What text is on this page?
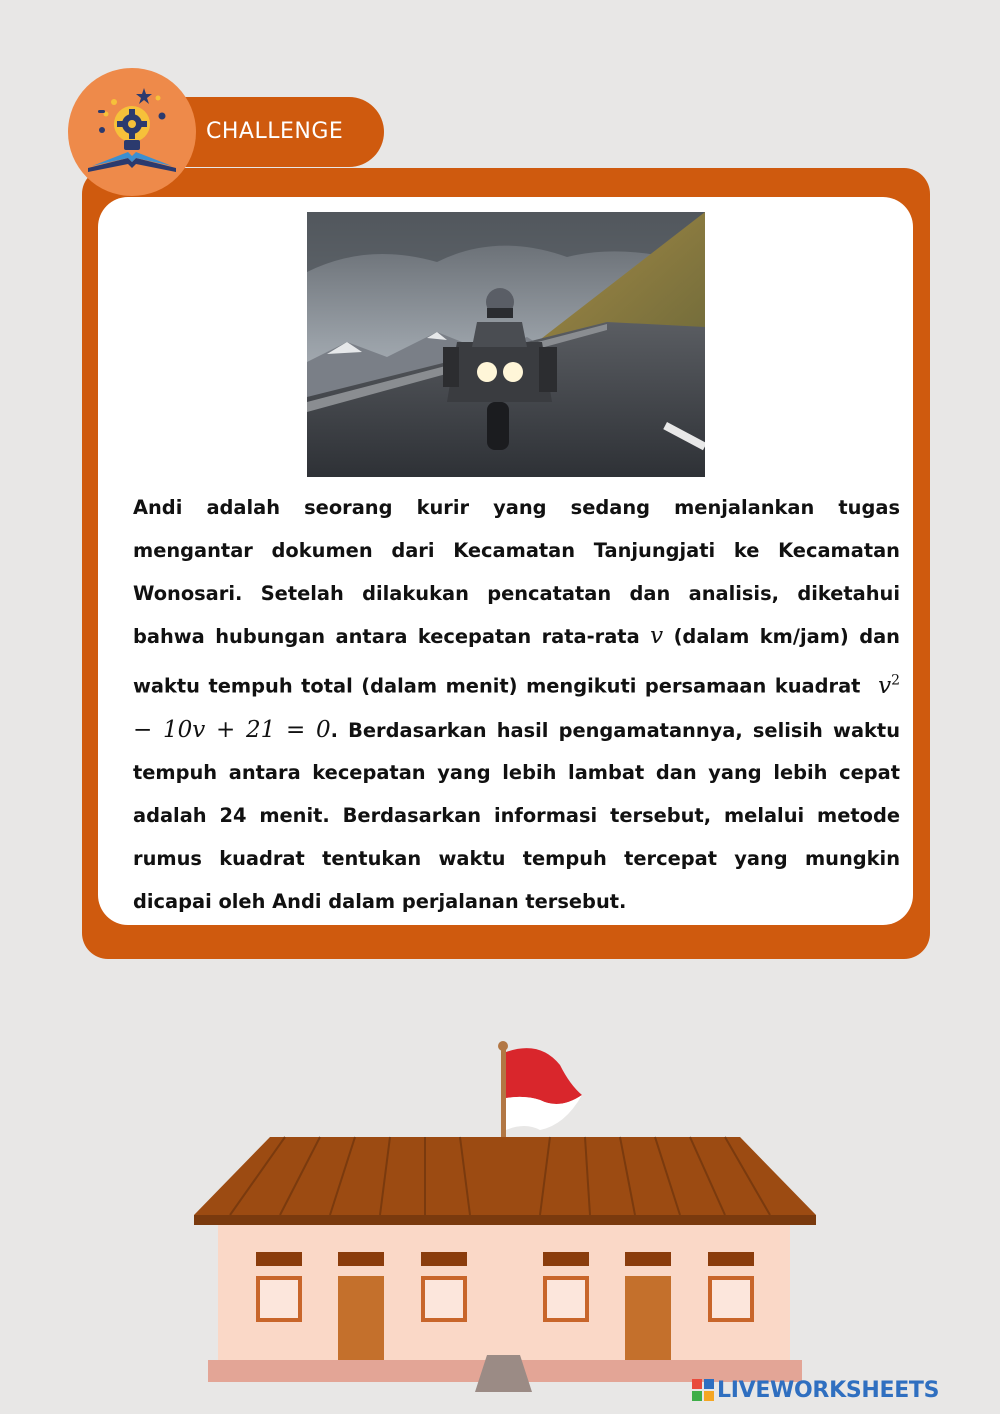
CHALLENGE

Andi adalah seorang kurir yang sedang menjalankan tugas mengantar dokumen dari Kecamatan Tanjungjati ke Kecamatan Wonosari. Setelah dilakukan pencatatan dan analisis, diketahui bahwa hubungan antara kecepatan rata-rata v (dalam km/jam) dan waktu tempuh total (dalam menit) mengikuti persamaan kuadrat  $v^2 - 10v + 21 = 0$. Berdasarkan hasil pengamatannya, selisih waktu tempuh antara kecepatan yang lebih lambat dan yang lebih cepat adalah 24 menit. Berdasarkan informasi tersebut, melalui metode rumus kuadrat tentukan waktu tempuh tercepat yang mungkin dicapai oleh Andi dalam perjalanan tersebut.

LIVEWORKSHEETS
